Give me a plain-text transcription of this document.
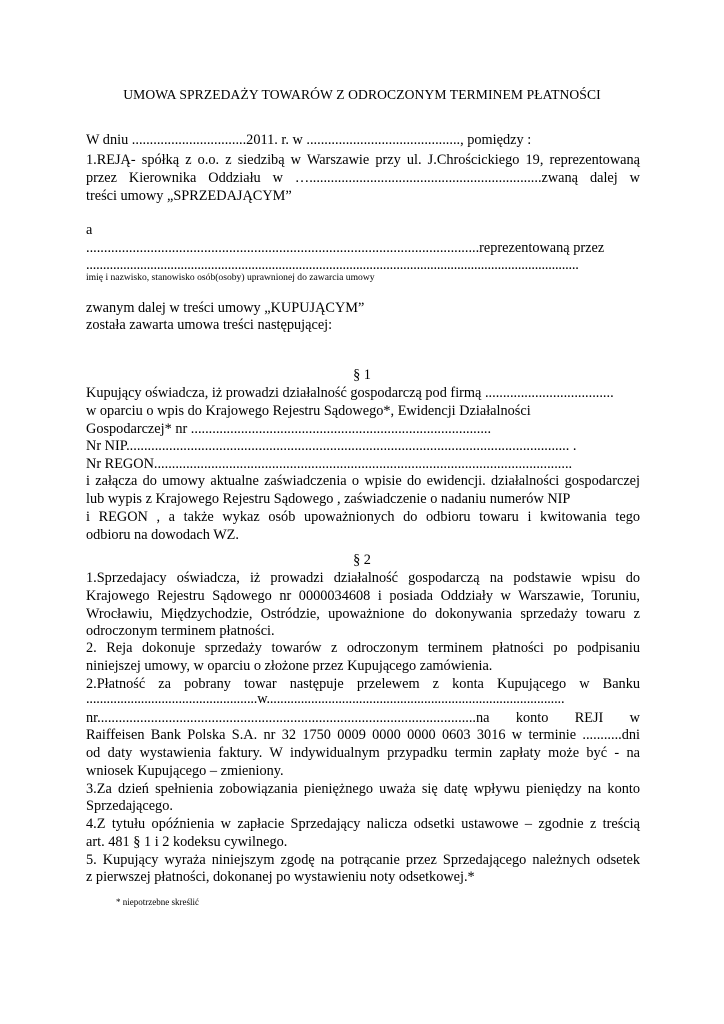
UMOWA SPRZEDAŻY TOWARÓW Z ODROCZONYM TERMINEM PŁATNOŚCI
W dniu ................................2011. r. w ..........................................., pomiędzy :
1.REJĄ- spółką z o.o. z siedzibą w Warszawie przy ul. J.Chrościckiego 19, reprezentowaną
przez Kierownika Oddziału w ….................................................................zwaną dalej w
treści umowy „SPRZEDAJĄCYM”
a
..............................................................................................................reprezentowaną przez
..................................................................................................................................................
imię i nazwisko, stanowisko osób(osoby) uprawnionej do zawarcia umowy
zwanym dalej w treści umowy „KUPUJĄCYM”
została zawarta umowa treści następującej:
§ 1
Kupujący oświadcza, iż prowadzi działalność gospodarczą pod firmą ....................................
w oparciu o wpis do Krajowego Rejestru Sądowego*, Ewidencji Działalności
Gospodarczej* nr ....................................................................................
Nr NIP............................................................................................................................ .
Nr REGON.....................................................................................................................
i załącza do umowy aktualne zaświadczenia o wpisie do ewidencji. działalności gospodarczej
lub wypis z Krajowego Rejestru Sądowego , zaświadczenie o nadaniu numerów NIP
i REGON , a także wykaz osób upoważnionych do odbioru towaru i kwitowania tego
odbioru na dowodach WZ.
§ 2
1.Sprzedajacy oświadcza, iż prowadzi działalność gospodarczą na podstawie wpisu do
Krajowego Rejestru Sądowego nr 0000034608 i posiada Oddziały w Warszawie, Toruniu,
Wrocławiu, Międzychodzie, Ostródzie, upoważnione do dokonywania sprzedaży towaru z
odroczonym terminem płatności.
2. Reja dokonuje sprzedaży towarów z odroczonym terminem płatności po podpisaniu
niniejszej umowy, w oparciu o złożone przez Kupującego zamówienia.
2.Płatność za pobrany towar następuje przelewem z konta Kupującego w Banku
..................................................w.......................................................................................
nr..........................................................................................................na konto REJI w
Raiffeisen Bank Polska S.A. nr 32 1750 0009 0000 0000 0603 3016 w terminie ...........dni
od daty wystawienia faktury. W indywidualnym przypadku termin zapłaty może być - na
wniosek Kupującego – zmieniony.
3.Za dzień spełnienia zobowiązania pieniężnego uważa się datę wpływu pieniędzy na konto
Sprzedającego.
4.Z tytułu opóźnienia w zapłacie Sprzedający nalicza odsetki ustawowe – zgodnie z treścią
art. 481 § 1 i 2 kodeksu cywilnego.
5. Kupujący wyraża niniejszym zgodę na potrącanie przez Sprzedającego należnych odsetek
z pierwszej płatności, dokonanej po wystawieniu noty odsetkowej.*
* niepotrzebne skreślić
